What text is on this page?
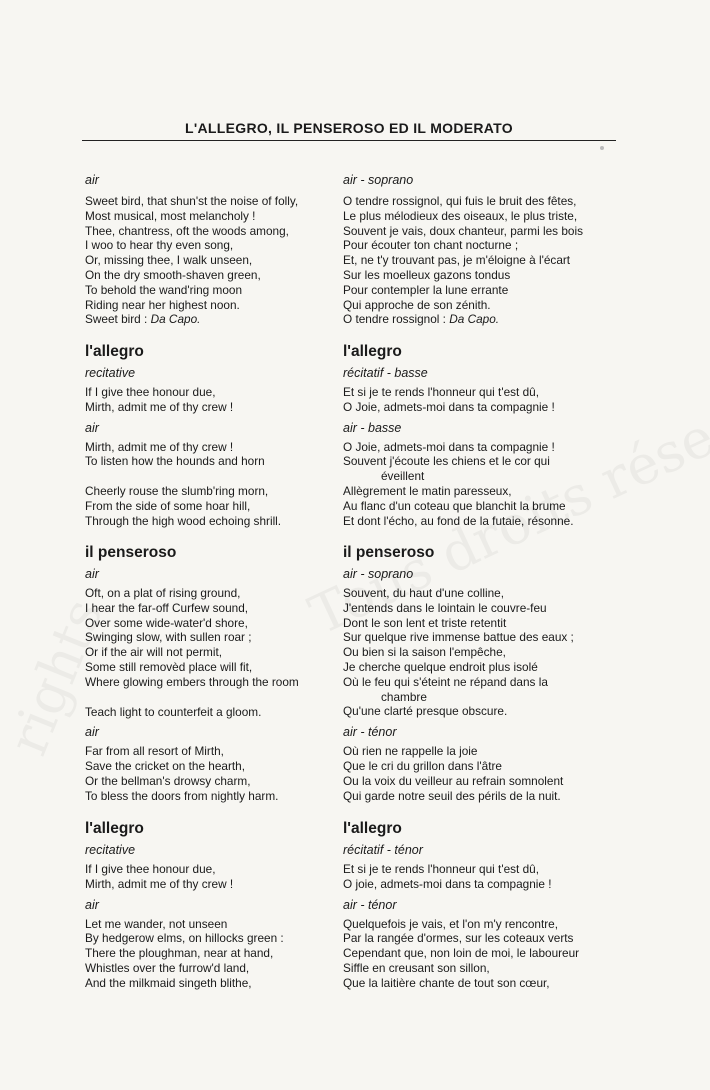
L'ALLEGRO, IL PENSEROSO ED IL MODERATO
air
Sweet bird, that shun'st the noise of folly,
Most musical, most melancholy !
Thee, chantress, oft the woods among,
I woo to hear thy even song,
Or, missing thee, I walk unseen,
On the dry smooth-shaven green,
To behold the wand'ring moon
Riding near her highest noon.
Sweet bird : Da Capo.
l'allegro
recitative
If I give thee honour due,
Mirth, admit me of thy crew !
air
Mirth, admit me of thy crew !
To listen how the hounds and horn
Cheerly rouse the slumb'ring morn,
From the side of some hoar hill,
Through the high wood echoing shrill.
il penseroso
air
Oft, on a plat of rising ground,
I hear the far-off Curfew sound,
Over some wide-water'd shore,
Swinging slow, with sullen roar ;
Or if the air will not permit,
Some still removèd place will fit,
Where glowing embers through the room
Teach light to counterfeit a gloom.
air
Far from all resort of Mirth,
Save the cricket on the hearth,
Or the bellman's drowsy charm,
To bless the doors from nightly harm.
l'allegro
recitative
If I give thee honour due,
Mirth, admit me of thy crew !
air
Let me wander, not unseen
By hedgerow elms, on hillocks green :
There the ploughman, near at hand,
Whistles over the furrow'd land,
And the milkmaid singeth blithe,
air - soprano
O tendre rossignol, qui fuis le bruit des fêtes,
Le plus mélodieux des oiseaux, le plus triste,
Souvent je vais, doux chanteur, parmi les bois
Pour écouter ton chant nocturne ;
Et, ne t'y trouvant pas, je m'éloigne à l'écart
Sur les moelleux gazons tondus
Pour contempler la lune errante
Qui approche de son zénith.
O tendre rossignol : Da Capo.
l'allegro
récitatif - basse
Et si je te rends l'honneur qui t'est dû,
O Joie, admets-moi dans ta compagnie !
air - basse
O Joie, admets-moi dans ta compagnie !
Souvent j'écoute les chiens et le cor qui
éveillent
Allègrement le matin paresseux,
Au flanc d'un coteau que blanchit la brume
Et dont l'écho, au fond de la futaie, résonne.
il penseroso
air - soprano
Souvent, du haut d'une colline,
J'entends dans le lointain le couvre-feu
Dont le son lent et triste retentit
Sur quelque rive immense battue des eaux ;
Ou bien si la saison l'empêche,
Je cherche quelque endroit plus isolé
Où le feu qui s'éteint ne répand dans la
chambre
Qu'une clarté presque obscure.
air - ténor
Où rien ne rappelle la joie
Que le cri du grillon dans l'âtre
Ou la voix du veilleur au refrain somnolent
Qui garde notre seuil des périls de la nuit.
l'allegro
récitatif - ténor
Et si je te rends l'honneur qui t'est dû,
O joie, admets-moi dans ta compagnie !
air - ténor
Quelquefois je vais, et l'on m'y rencontre,
Par la rangée d'ormes, sur les coteaux verts
Cependant que, non loin de moi, le laboureur
Siffle en creusant son sillon,
Que la laitière chante de tout son cœur,
